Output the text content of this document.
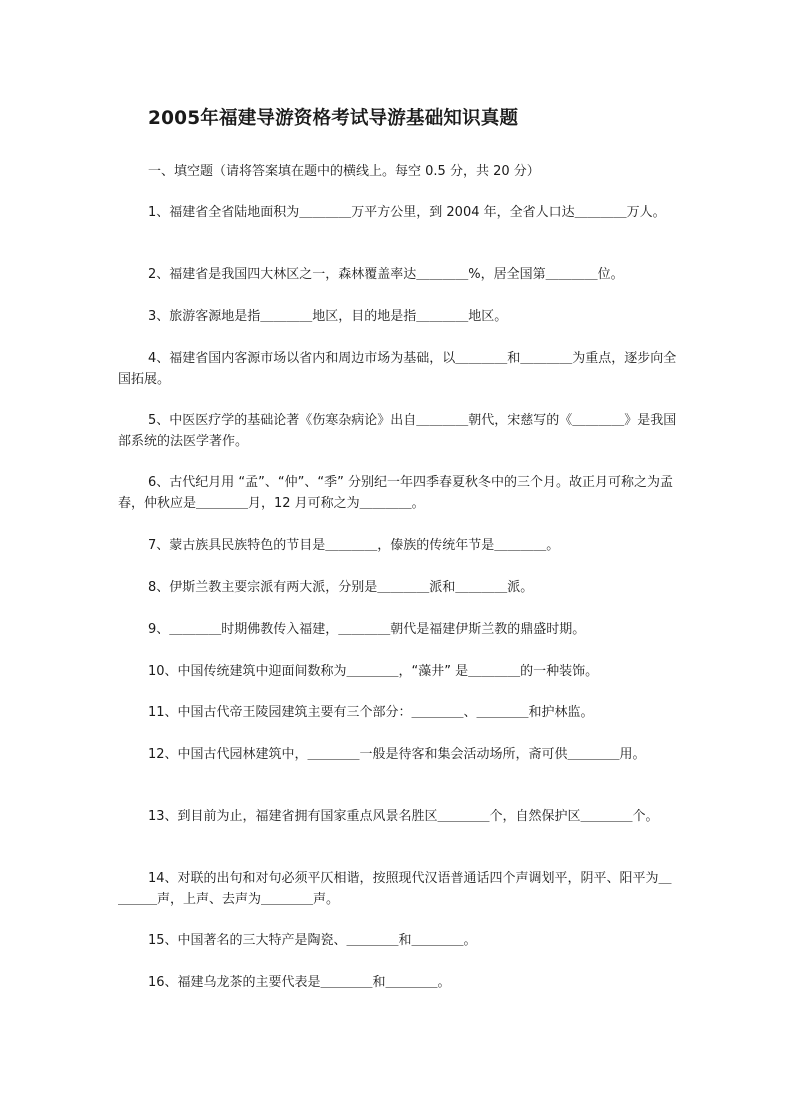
2005年福建导游资格考试导游基础知识真题
一、填空题（请将答案填在题中的横线上。每空 0.5 分，共 20 分）
1、福建省全省陆地面积为＿＿＿＿万平方公里，到 2004 年，全省人口达＿＿＿＿万人。
2、福建省是我国四大林区之一，森林覆盖率达＿＿＿＿%，居全国第＿＿＿＿位。
3、旅游客源地是指＿＿＿＿地区，目的地是指＿＿＿＿地区。
4、福建省国内客源市场以省内和周边市场为基础，以＿＿＿＿和＿＿＿＿为重点，逐步向全国拓展。
5、中医医疗学的基础论著《伤寒杂病论》出自＿＿＿＿朝代，宋慈写的《＿＿＿＿》是我国部系统的法医学著作。
6、古代纪月用 “孟”、“仲”、“季” 分别纪一年四季春夏秋冬中的三个月。故正月可称之为孟春，仲秋应是＿＿＿＿月，12 月可称之为＿＿＿＿。
7、蒙古族具民族特色的节目是＿＿＿＿，傣族的传统年节是＿＿＿＿。
8、伊斯兰教主要宗派有两大派，分别是＿＿＿＿派和＿＿＿＿派。
9、＿＿＿＿时期佛教传入福建，＿＿＿＿朝代是福建伊斯兰教的鼎盛时期。
10、中国传统建筑中迎面间数称为＿＿＿＿，“藻井” 是＿＿＿＿的一种装饰。
11、中国古代帝王陵园建筑主要有三个部分：＿＿＿＿、＿＿＿＿和护林监。
12、中国古代园林建筑中，＿＿＿＿一般是待客和集会活动场所，斋可供＿＿＿＿用。
13、到目前为止，福建省拥有国家重点风景名胜区＿＿＿＿个，自然保护区＿＿＿＿个。
14、对联的出句和对句必须平仄相谐，按照现代汉语普通话四个声调划平，阴平、阳平为＿＿＿＿声，上声、去声为＿＿＿＿声。
15、中国著名的三大特产是陶瓷、＿＿＿＿和＿＿＿＿。
16、福建乌龙茶的主要代表是＿＿＿＿和＿＿＿＿。
